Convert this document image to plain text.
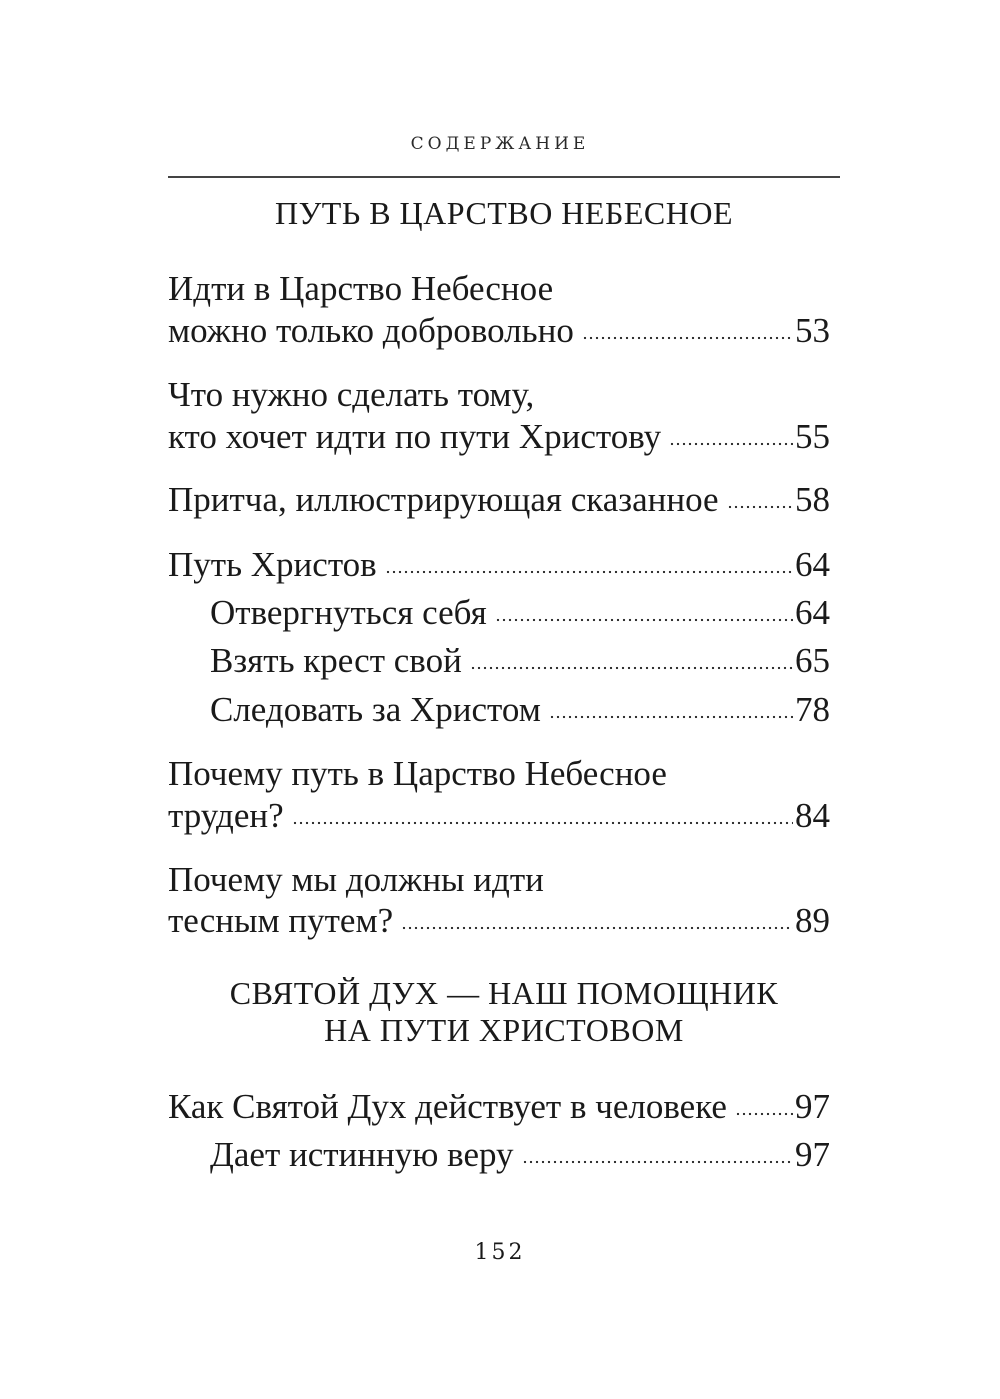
СОДЕРЖАНИЕ
ПУТЬ В ЦАРСТВО НЕБЕСНОЕ
Идти в Царство Небесное
можно только добровольно	53
Что нужно сделать тому,
кто хочет идти по пути Христову	55
Притча, иллюстрирующая сказанное 58
Путь Христов	64
Отвергнуться себя	64
Взять крест свой	65
Следовать за Христом	78
Почему путь в Царство Небесное
труден?	84
Почему мы должны идти
тесным путем?	89
СВЯТОЙ ДУХ — НАШ ПОМОЩНИК
НА ПУТИ ХРИСТОВОМ
Как Святой Дух действует в человеке 97
Дает истинную веру	97
152
